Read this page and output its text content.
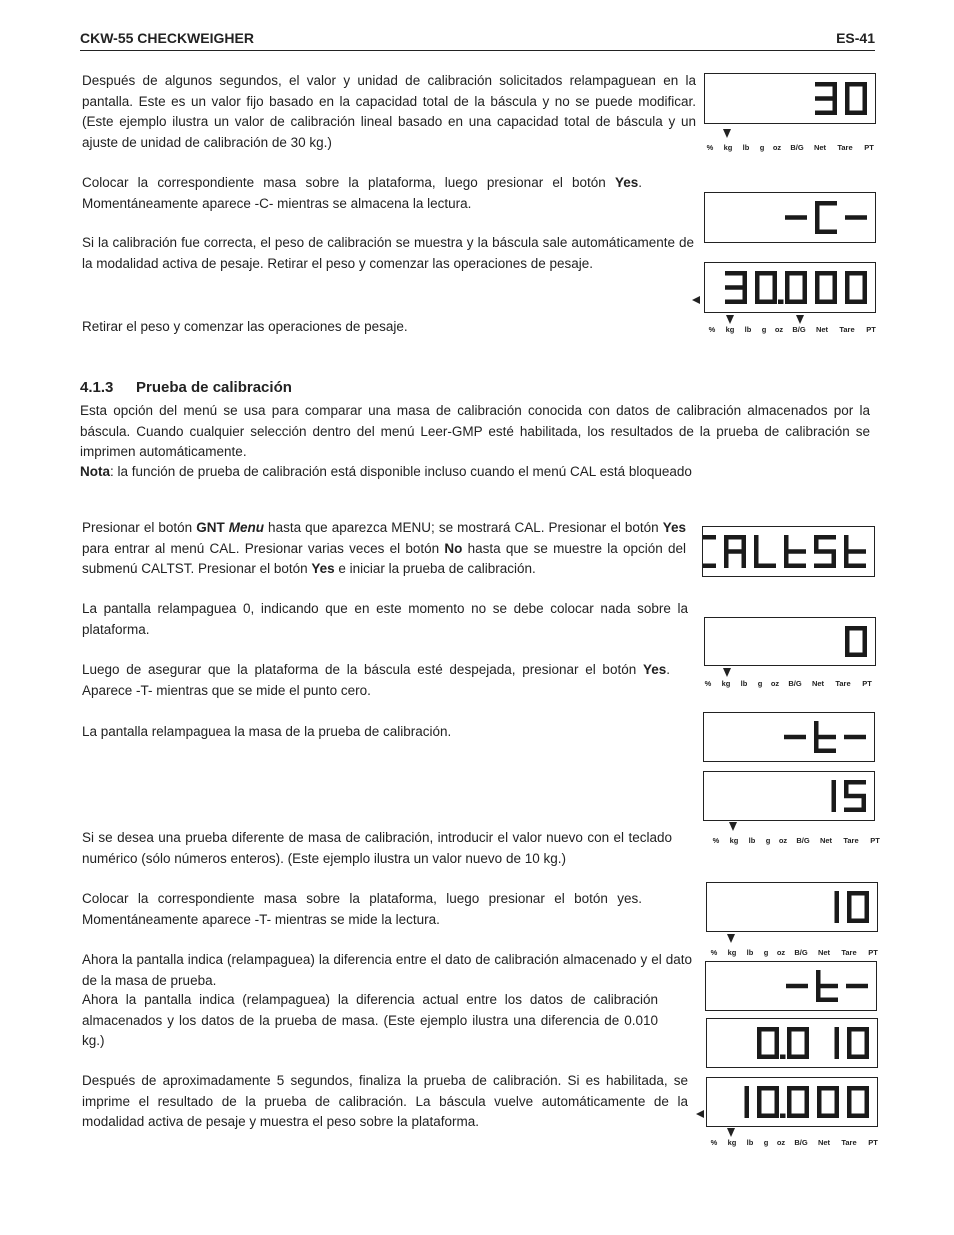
CKW-55 CHECKWEIGHER	ES-41

Después de algunos segundos, el valor y unidad de calibración solicitados relampaguean en la pantalla. Este es un valor fijo basado en la capacidad total de la báscula y no se puede modificar. (Este ejemplo ilustra un valor de calibración lineal basado en una capacidad total de báscula y un ajuste de unidad de calibración de 30 kg.)

Colocar la correspondiente masa sobre la plataforma, luego presionar el botón Yes. Momentáneamente aparece -C- mientras se almacena la lectura.

Si la calibración fue correcta, el peso de calibración se muestra y la báscula sale automáticamente de la modalidad activa de pesaje. Retirar el peso y comenzar las operaciones de pesaje.

Retirar el peso y comenzar las operaciones de pesaje.

4.1.3 Prueba de calibración

Esta opción del menú se usa para comparar una masa de calibración conocida con datos de calibración almacenados por la báscula. Cuando cualquier selección dentro del menú Leer-GMP esté habilitada, los resultados de la prueba de calibración se imprimen automáticamente.

Nota: la función de prueba de calibración está disponible incluso cuando el menú CAL está bloqueado

Presionar el botón GNT Menu hasta que aparezca MENU; se mostrará CAL. Presionar el botón Yes para entrar al menú CAL. Presionar varias veces el botón No hasta que se muestre la opción del submenú CALTST. Presionar el botón Yes e iniciar la prueba de calibración.

La pantalla relampaguea 0, indicando que en este momento no se debe colocar nada sobre la plataforma.

Luego de asegurar que la plataforma de la báscula esté despejada, presionar el botón Yes. Aparece -T- mientras que se mide el punto cero.

La pantalla relampaguea la masa de la prueba de calibración.

Si se desea una prueba diferente de masa de calibración, introducir el valor nuevo con el teclado numérico (sólo números enteros). (Este ejemplo ilustra un valor nuevo de 10 kg.)

Colocar la correspondiente masa sobre la plataforma, luego presionar el botón yes. Momentáneamente aparece -T- mientras se mide la lectura.

Ahora la pantalla indica (relampaguea) la diferencia entre el dato de calibración almacenado y el dato de la masa de prueba.

Ahora la pantalla indica (relampaguea) la diferencia actual entre los datos de calibración almacenados y los datos de la prueba de masa. (Este ejemplo ilustra una diferencia de 0.010 kg.)

Después de aproximadamente 5 segundos, finaliza la prueba de calibración. Si es habilitada, se imprime el resultado de la prueba de calibración. La báscula vuelve automáticamente de la modalidad activa de pesaje y muestra el peso sobre la plataforma.

% kg lb g oz B/G Net Tare PT
% kg lb g oz B/G Net Tare PT
% kg lb g oz B/G Net Tare PT
% kg lb g oz B/G Net Tare PT
% kg lb g oz B/G Net Tare PT
% kg lb g oz B/G Net Tare PT
